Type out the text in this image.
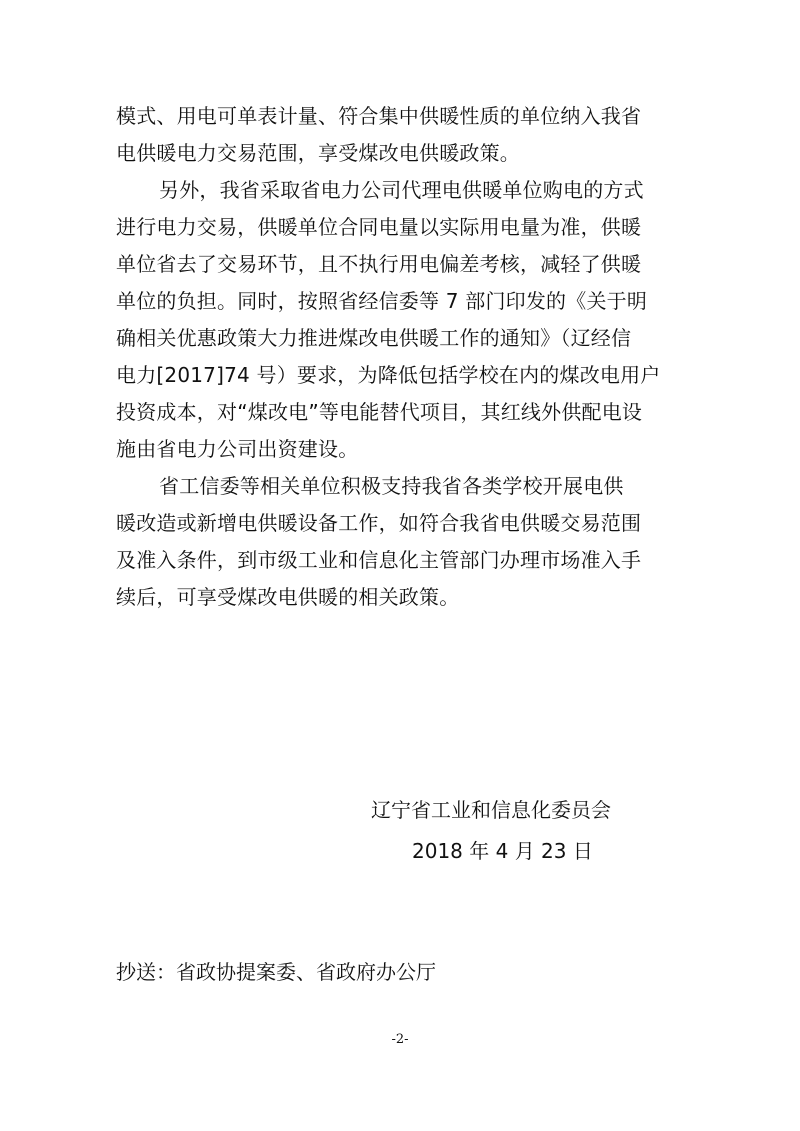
模式、用电可单表计量、符合集中供暖性质的单位纳入我省
电供暖电力交易范围，享受煤改电供暖政策。

另外，我省采取省电力公司代理电供暖单位购电的方式
进行电力交易，供暖单位合同电量以实际用电量为准，供暖
单位省去了交易环节，且不执行用电偏差考核，减轻了供暖
单位的负担。同时，按照省经信委等 7 部门印发的《关于明
确相关优惠政策大力推进煤改电供暖工作的通知》（辽经信
电力[2017]74 号）要求，为降低包括学校在内的煤改电用户
投资成本，对“煤改电”等电能替代项目，其红线外供配电设
施由省电力公司出资建设。

省工信委等相关单位积极支持我省各类学校开展电供
暖改造或新增电供暖设备工作，如符合我省电供暖交易范围
及准入条件，到市级工业和信息化主管部门办理市场准入手
续后，可享受煤改电供暖的相关政策。

辽宁省工业和信息化委员会
2018 年 4 月 23 日
抄送：省政协提案委、省政府办公厅
-2-
